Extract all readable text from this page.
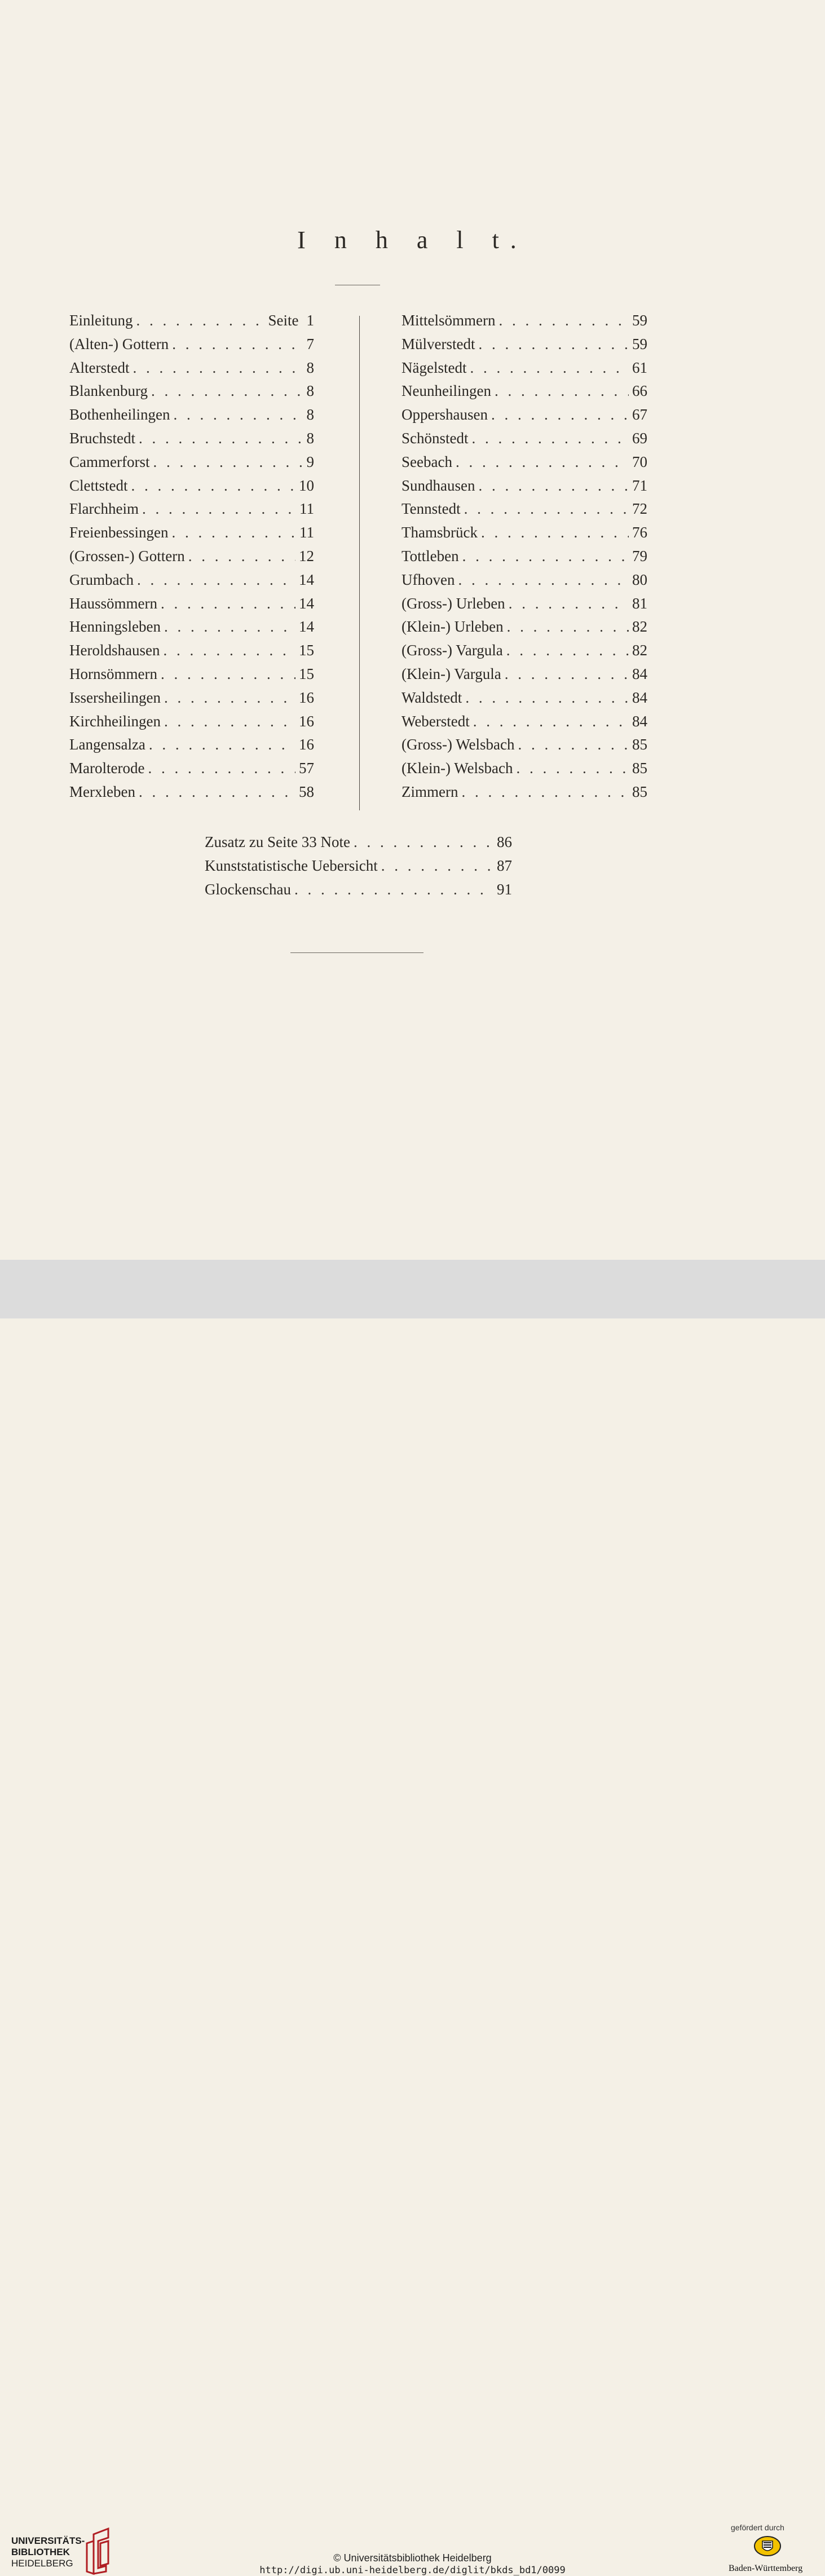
I n h a l t.
Einleitung . . .	Seite 1
(Alten-) Gottern . . .	7
Alterstedt . . .	8
Blankenburg . . .	8
Bothenheilingen . . .	8
Bruchstedt . . .	8
Cammerforst . . .	9
Clettstedt . . .	10
Flarchheim . . .	11
Freienbessingen . . .	11
(Grossen-) Gottern . . .	12
Grumbach . . .	14
Haussömmern . . .	14
Henningsleben . . .	14
Heroldshausen . . .	15
Hornsömmern . . .	15
Issersheilingen . . .	16
Kirchheilingen . . .	16
Langensalza . . .	16
Marolterode . . .	57
Merxleben . . .	58
Mittelsömmern . . .	59
Mülverstedt . . .	59
Nägelstedt . . .	61
Neunheilingen . . .	66
Oppershausen . . .	67
Schönstedt . . .	69
Seebach . . .	70
Sundhausen . . .	71
Tennstedt . . .	72
Thamsbrück . . .	76
Tottleben . . .	79
Ufhoven . . .	80
(Gross-) Urleben . . .	81
(Klein-) Urleben . . .	82
(Gross-) Vargula . . .	82
(Klein-) Vargula . . .	84
Waldstedt . . .	84
Weberstedt . . .	84
(Gross-) Welsbach . . .	85
(Klein-) Welsbach . . .	85
Zimmern . . .	85
Zusatz zu Seite 33 Note . . .	86
Kunststatistische Uebersicht . . .	87
Glockenschau . . .	91
UNIVERSITÄTS-
BIBLIOTHEK
HEIDELBERG	© Universitätsbibliothek Heidelberg
http://digi.ub.uni-heidelberg.de/diglit/bkds_bd1/0099
gefördert durch
Baden-Württemberg
